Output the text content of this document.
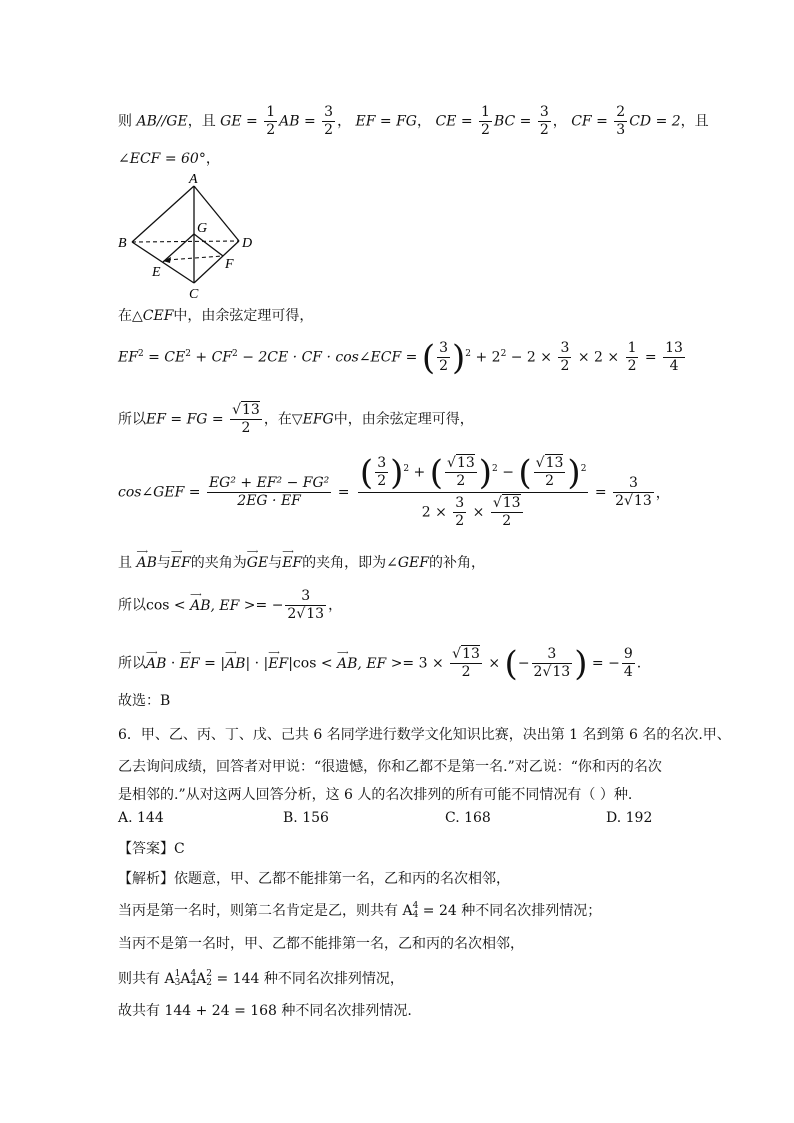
则 AB//GE，且 GE = $\frac{1}{2}$ AB = $\frac{3}{2}$ ， EF = FG， CE = $\frac{1}{2}$ BC = $\frac{3}{2}$ ， CF = $\frac{2}{3}$ CD = 2，且
∠ECF = 60°，
A
B	D
G
E
F
C
在△CEF中，由余弦定理可得，
$EF^2 = CE^2 + CF^2 - 2CE$ · CF · cos∠ECF = ( $\frac{3}{2} )^2 + 2^2 - 2 \times \frac{3}{2} \times 2 \times \frac{1}{2} = \frac{13}{4}$
所以EF = FG = $\frac{√13}{2}$ ，在▽EFG中，由余弦定理可得，
cos∠GEF = $\frac{\text{EG² + EF² − FG²}}{2EG \cdot EF} = \frac{( \frac{3}{2} )^2 + ( \frac{√13}{2} )^2 - ( \frac{√13}{2} )^2}{2 \times \frac{3}{2} \times \frac{√13}{2}} = \frac{3}{2√13}$ ，
且 ⟶ AB与⟶ EF的夹角为⟶ GE与⟶ EF的夹角，即为∠GEF的补角，
所以cos < ⟶ AB, EF >= − $\frac{3}{2√13}$ ，
所以⟶ AB · ⟶ EF = |⟶ AB| · |⟶ EF|cos < ⟶ AB, EF >= $3 \times \frac{√13}{2}$ × (− $\frac{3}{2√13}$ ) = − $\frac{9}{4}$ .
故选：B
6．甲、乙、丙、丁、戊、己共 6 名同学进行数学文化知识比赛，决出第 1 名到第 6 名的名次.甲、
乙去询问成绩，回答者对甲说：“很遗憾，你和乙都不是第一名.”对乙说：“你和丙的名次
是相邻的.”从对这两人回答分析，这 6 人的名次排列的所有可能不同情况有（ ）种.
A. 144	B. 156	C. 168	D. 192
【答案】C
【解析】依题意，甲、乙都不能排第一名，乙和丙的名次相邻，
当丙是第一名时，则第二名肯定是乙，则共有 A 4
4 = 24 种不同名次排列情况；
当丙不是第一名时，甲、乙都不能排第一名，乙和丙的名次相邻，
则共有 A 1
3 A 4
4 A 2
2 = 144 种不同名次排列情况，
故共有 144 + 24 = 168 种不同名次排列情况.
